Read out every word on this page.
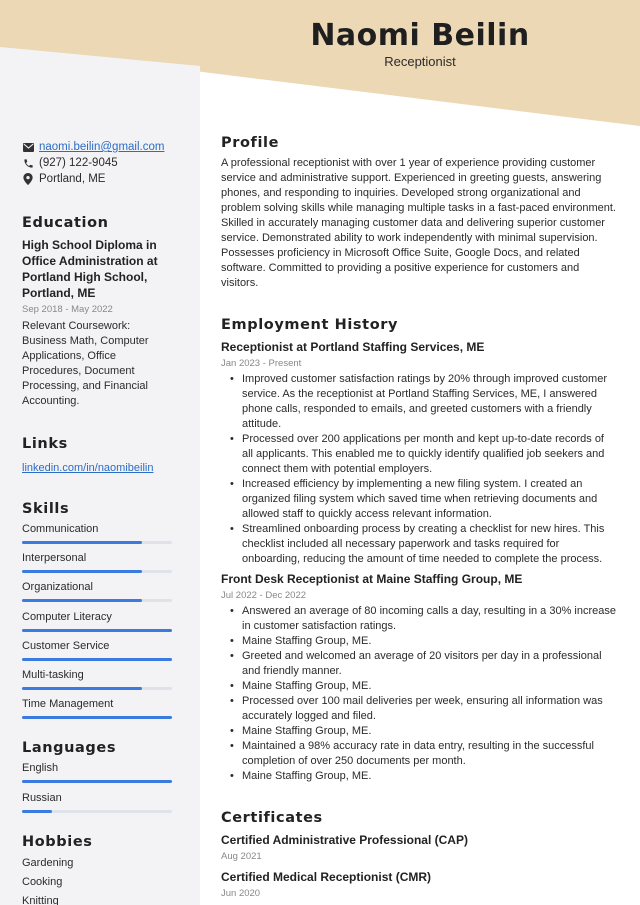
Naomi Beilin
Receptionist
naomi.beilin@gmail.com
(927) 122-9045
Portland, ME
Education
High School Diploma in Office Administration at Portland High School, Portland, ME
Sep 2018 - May 2022
Relevant Coursework: Business Math, Computer Applications, Office Procedures, Document Processing, and Financial Accounting.
Links
linkedin.com/in/naomibeilin
Skills
Communication
Interpersonal
Organizational
Computer Literacy
Customer Service
Multi-tasking
Time Management
Languages
English
Russian
Hobbies
Gardening
Cooking
Knitting
Profile
A professional receptionist with over 1 year of experience providing customer service and administrative support. Experienced in greeting guests, answering phones, and responding to inquiries. Developed strong organizational and problem solving skills while managing multiple tasks in a fast-paced environment. Skilled in accurately managing customer data and delivering superior customer service. Demonstrated ability to work independently with minimal supervision. Possesses proficiency in Microsoft Office Suite, Google Docs, and related software. Committed to providing a positive experience for customers and visitors.
Employment History
Receptionist at Portland Staffing Services, ME
Jan 2023 - Present
• Improved customer satisfaction ratings by 20% through improved customer service. As the receptionist at Portland Staffing Services, ME, I answered phone calls, responded to emails, and greeted customers with a friendly attitude.
• Processed over 200 applications per month and kept up-to-date records of all applicants. This enabled me to quickly identify qualified job seekers and connect them with potential employers.
• Increased efficiency by implementing a new filing system. I created an organized filing system which saved time when retrieving documents and allowed staff to quickly access relevant information.
• Streamlined onboarding process by creating a checklist for new hires. This checklist included all necessary paperwork and tasks required for onboarding, reducing the amount of time needed to complete the process.
Front Desk Receptionist at Maine Staffing Group, ME
Jul 2022 - Dec 2022
• Answered an average of 80 incoming calls a day, resulting in a 30% increase in customer satisfaction ratings.
• Maine Staffing Group, ME.
• Greeted and welcomed an average of 20 visitors per day in a professional and friendly manner.
• Maine Staffing Group, ME.
• Processed over 100 mail deliveries per week, ensuring all information was accurately logged and filed.
• Maine Staffing Group, ME.
• Maintained a 98% accuracy rate in data entry, resulting in the successful completion of over 250 documents per month.
• Maine Staffing Group, ME.
Certificates
Certified Administrative Professional (CAP)
Aug 2021
Certified Medical Receptionist (CMR)
Jun 2020
